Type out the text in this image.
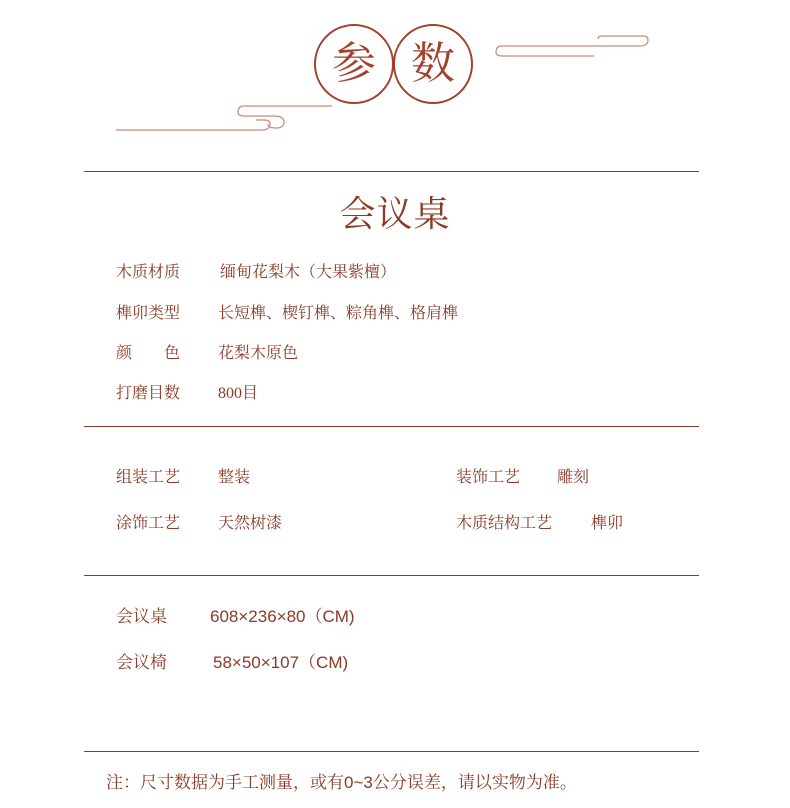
参 数
会议桌
木质材质 缅甸花梨木（大果紫檀）
榫卯类型 长短榫、楔钉榫、粽角榫、格肩榫
颜　　色 花梨木原色
打磨目数 800目
组装工艺 整装	装饰工艺 雕刻
涂饰工艺 天然树漆	木质结构工艺 榫卯
会议桌	608×236×80（CM)
会议椅	58×50×107（CM)
注：尺寸数据为手工测量，或有0~3公分误差，请以实物为准。
